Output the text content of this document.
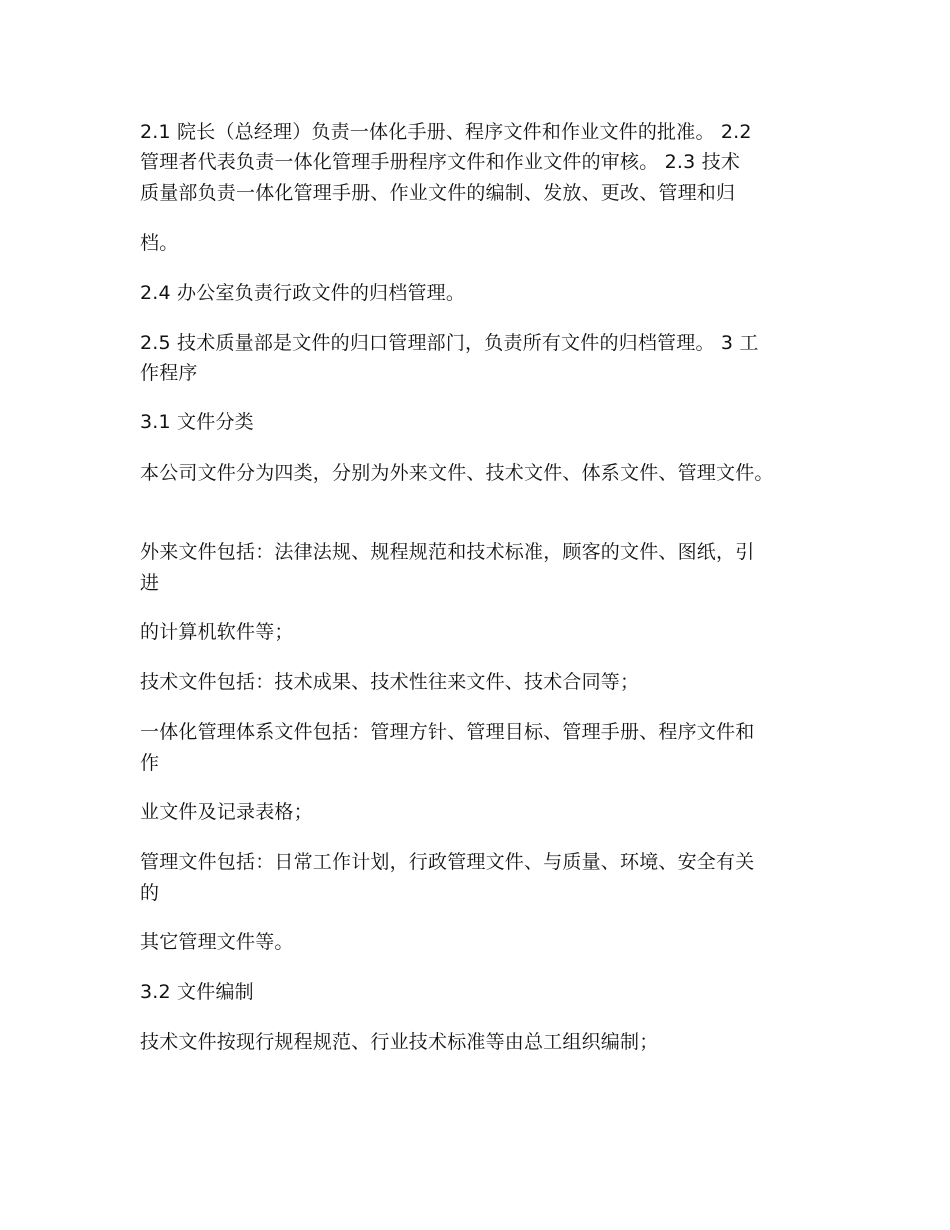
2.1 院长（总经理）负责一体化手册、程序文件和作业文件的批准。 2.2
管理者代表负责一体化管理手册程序文件和作业文件的审核。 2.3 技术
质量部负责一体化管理手册、作业文件的编制、发放、更改、管理和归
档。
2.4 办公室负责行政文件的归档管理。
2.5 技术质量部是文件的归口管理部门，负责所有文件的归档管理。 3 工
作程序
3.1 文件分类
本公司文件分为四类，分别为外来文件、技术文件、体系文件、管理文件。
外来文件包括：法律法规、规程规范和技术标准，顾客的文件、图纸，引
进
的计算机软件等；
技术文件包括：技术成果、技术性往来文件、技术合同等；
一体化管理体系文件包括：管理方针、管理目标、管理手册、程序文件和
作
业文件及记录表格；
管理文件包括：日常工作计划，行政管理文件、与质量、环境、安全有关
的
其它管理文件等。
3.2 文件编制
技术文件按现行规程规范、行业技术标准等由总工组织编制；
